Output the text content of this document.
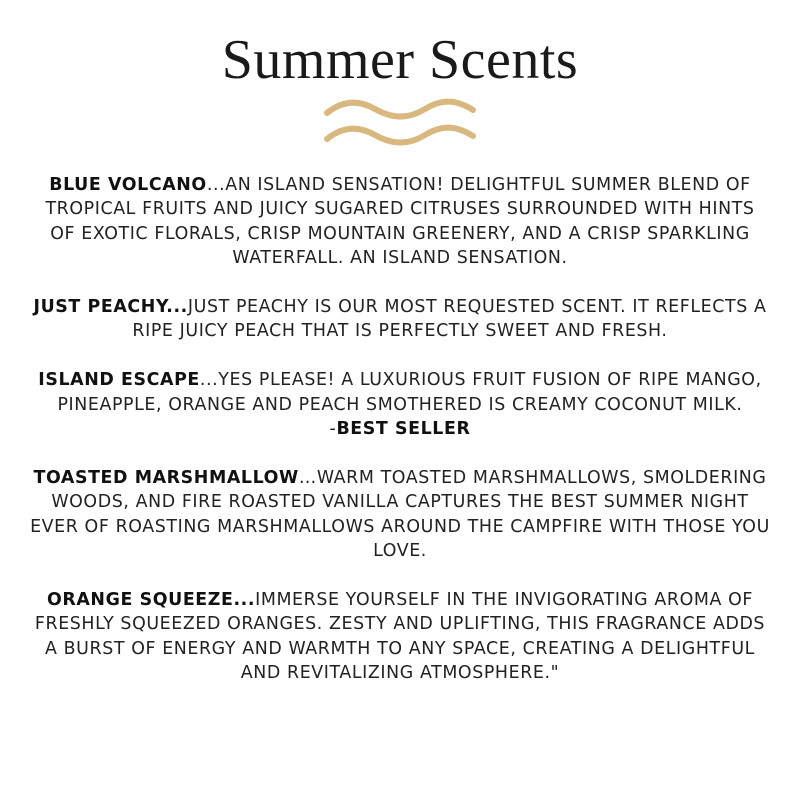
Summer Scents

BLUE VOLCANO...AN ISLAND SENSATION! DELIGHTFUL SUMMER BLEND OF TROPICAL FRUITS AND JUICY SUGARED CITRUSES SURROUNDED WITH HINTS OF EXOTIC FLORALS, CRISP MOUNTAIN GREENERY, AND A CRISP SPARKLING WATERFALL. AN ISLAND SENSATION.

JUST PEACHY...JUST PEACHY IS OUR MOST REQUESTED SCENT. IT REFLECTS A RIPE JUICY PEACH THAT IS PERFECTLY SWEET AND FRESH.

ISLAND ESCAPE...YES PLEASE! A LUXURIOUS FRUIT FUSION OF RIPE MANGO, PINEAPPLE, ORANGE AND PEACH SMOTHERED IS CREAMY COCONUT MILK.
-BEST SELLER

TOASTED MARSHMALLOW…WARM TOASTED MARSHMALLOWS, SMOLDERING WOODS, AND FIRE ROASTED VANILLA CAPTURES THE BEST SUMMER NIGHT EVER OF ROASTING MARSHMALLOWS AROUND THE CAMPFIRE WITH THOSE YOU LOVE.

ORANGE SQUEEZE...IMMERSE YOURSELF IN THE INVIGORATING AROMA OF FRESHLY SQUEEZED ORANGES. ZESTY AND UPLIFTING, THIS FRAGRANCE ADDS A BURST OF ENERGY AND WARMTH TO ANY SPACE, CREATING A DELIGHTFUL AND REVITALIZING ATMOSPHERE."
